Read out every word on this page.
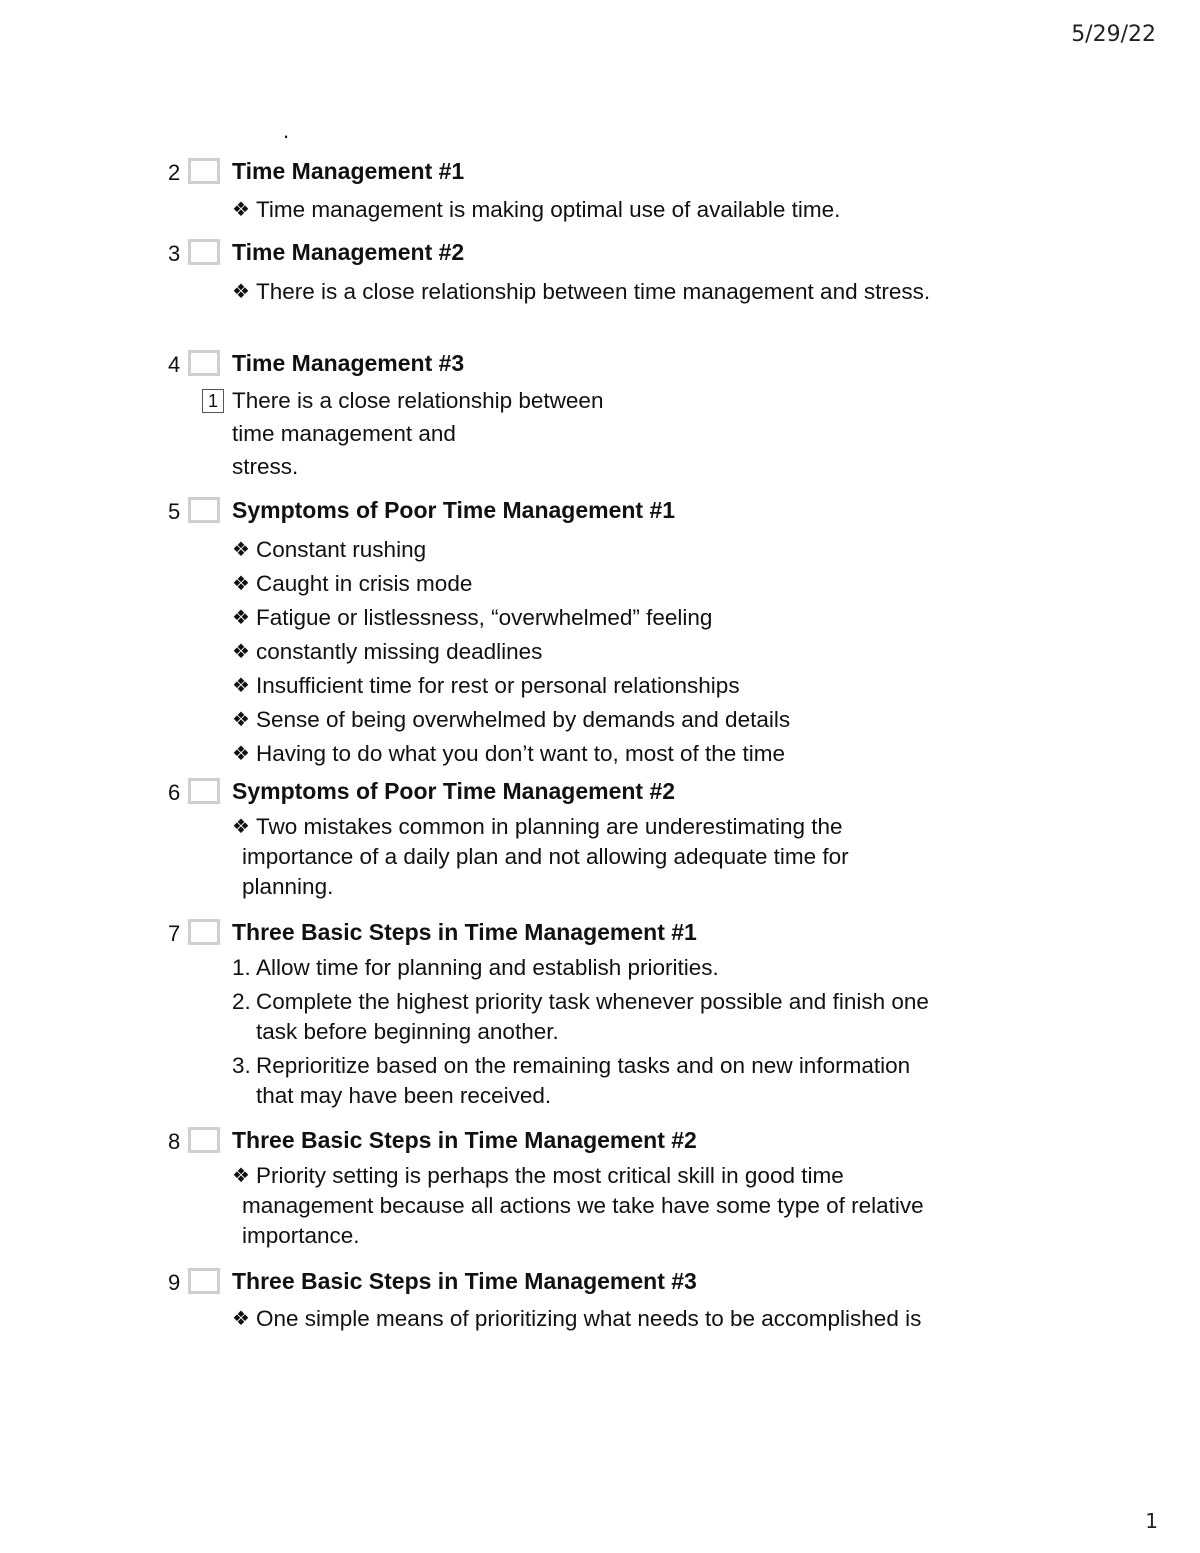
5/29/22
.
2 Time Management #1
❖ Time management is making optimal use of available time.
3 Time Management #2
❖ There is a close relationship between time management and stress.
4 Time Management #3
1 There is a close relationship between
time management and
stress.
5 Symptoms of Poor Time Management #1
❖ Constant rushing
❖ Caught in crisis mode
❖ Fatigue or listlessness, “overwhelmed” feeling
❖ constantly missing deadlines
❖ Insufficient time for rest or personal relationships
❖ Sense of being overwhelmed by demands and details
❖ Having to do what you don’t want to, most of the time
6 Symptoms of Poor Time Management #2
❖ Two mistakes common in planning are underestimating the
importance of a daily plan and not allowing adequate time for
planning.
7 Three Basic Steps in Time Management #1
1. Allow time for planning and establish priorities.
2. Complete the highest priority task whenever possible and finish one
task before beginning another.
3. Reprioritize based on the remaining tasks and on new information
that may have been received.
8 Three Basic Steps in Time Management #2
❖ Priority setting is perhaps the most critical skill in good time
management because all actions we take have some type of relative
importance.
9 Three Basic Steps in Time Management #3
❖ One simple means of prioritizing what needs to be accomplished is
1
